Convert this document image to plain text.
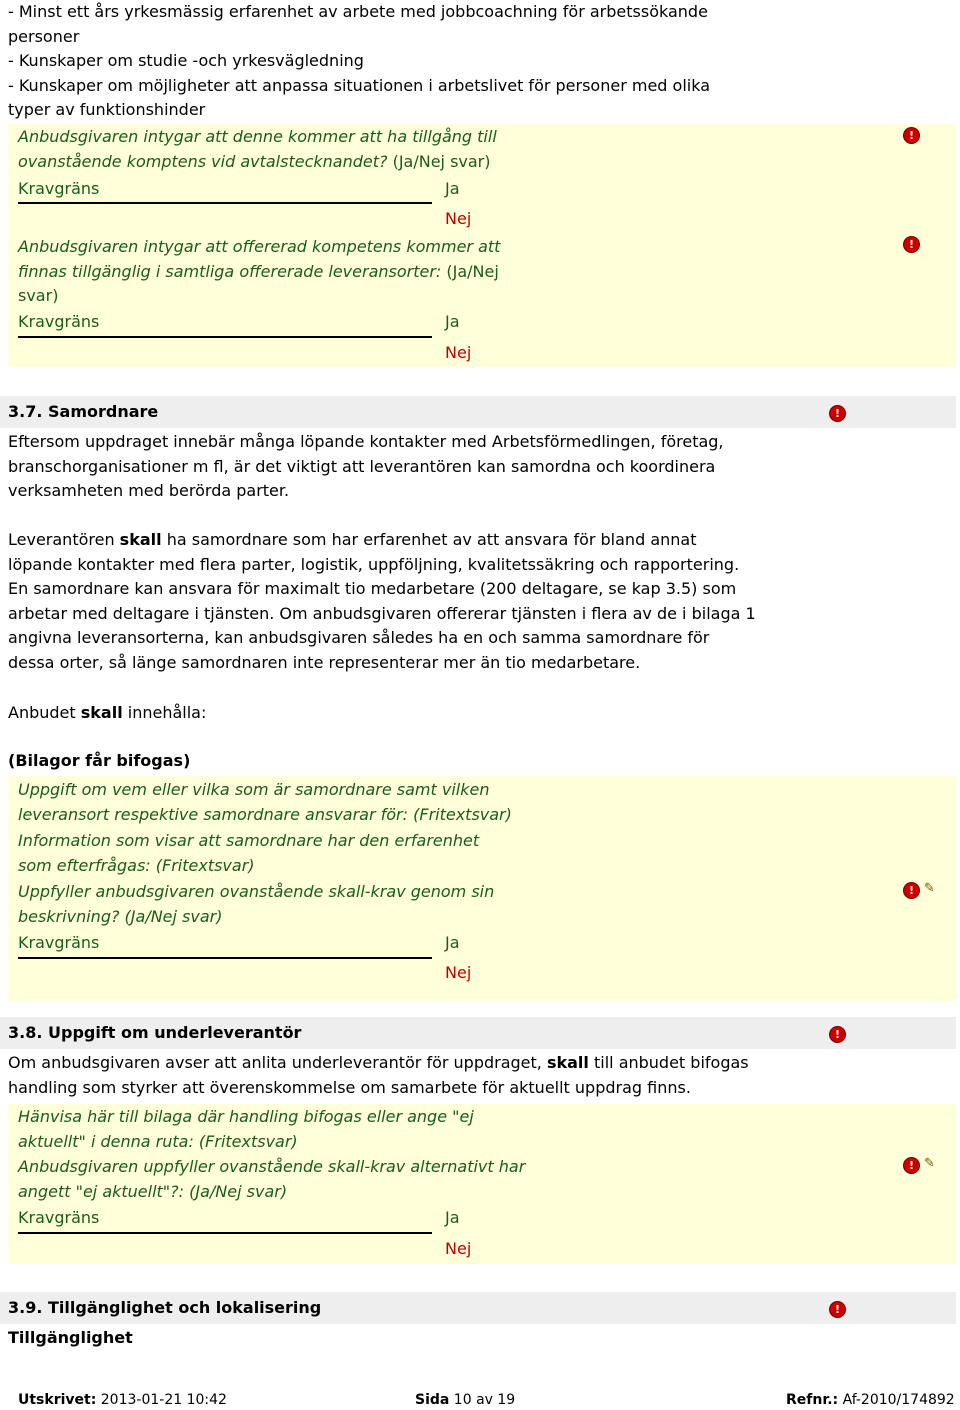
- Minst ett års yrkesmässig erfarenhet av arbete med jobbcoachning för arbetssökande
personer
- Kunskaper om studie -och yrkesvägledning
- Kunskaper om möjligheter att anpassa situationen i arbetslivet för personer med olika
typer av funktionshinder

Anbudsgivaren intygar att denne kommer att ha tillgång till
ovanstående komptens vid avtalstecknandet? (Ja/Nej svar)

Kravgräns	Ja
Nej

Anbudsgivaren intygar att offererad kompetens kommer att
finnas tillgänglig i samtliga offererade leveransorter: (Ja/Nej
svar)

Kravgräns	Ja
Nej
!
!
3.7. Samordnare	!
Eftersom uppdraget innebär många löpande kontakter med Arbetsförmedlingen, företag,
branschorganisationer m fl, är det viktigt att leverantören kan samordna och koordinera
verksamheten med berörda parter.
Leverantören skall ha samordnare som har erfarenhet av att ansvara för bland annat
löpande kontakter med flera parter, logistik, uppföljning, kvalitetssäkring och rapportering.
En samordnare kan ansvara för maximalt tio medarbetare (200 deltagare, se kap 3.5) som
arbetar med deltagare i tjänsten. Om anbudsgivaren offererar tjänsten i flera av de i bilaga 1
angivna leveransorterna, kan anbudsgivaren således ha en och samma samordnare för
dessa orter, så länge samordnaren inte representerar mer än tio medarbetare.
Anbudet skall innehålla:
(Bilagor får bifogas)

Uppgift om vem eller vilka som är samordnare samt vilken
leveransort respektive samordnare ansvarar för: (Fritextsvar)

Information som visar att samordnare har den erfarenhet
som efterfrågas: (Fritextsvar)

Uppfyller anbudsgivaren ovanstående skall-krav genom sin
beskrivning? (Ja/Nej svar)

Kravgräns	Ja
Nej
! ✎
3.8. Uppgift om underleverantör	!
Om anbudsgivaren avser att anlita underleverantör för uppdraget, skall till anbudet bifogas
handling som styrker att överenskommelse om samarbete för aktuellt uppdrag finns.

Hänvisa här till bilaga där handling bifogas eller ange "ej
aktuellt" i denna ruta: (Fritextsvar)

Anbudsgivaren uppfyller ovanstående skall-krav alternativt har
angett "ej aktuellt"?: (Ja/Nej svar)

Kravgräns	Ja
Nej
! ✎
3.9. Tillgänglighet och lokalisering	!
Tillgänglighet
Utskrivet: 2013-01-21 10:42	Sida 10 av 19	Refnr.: Af-2010/174892
